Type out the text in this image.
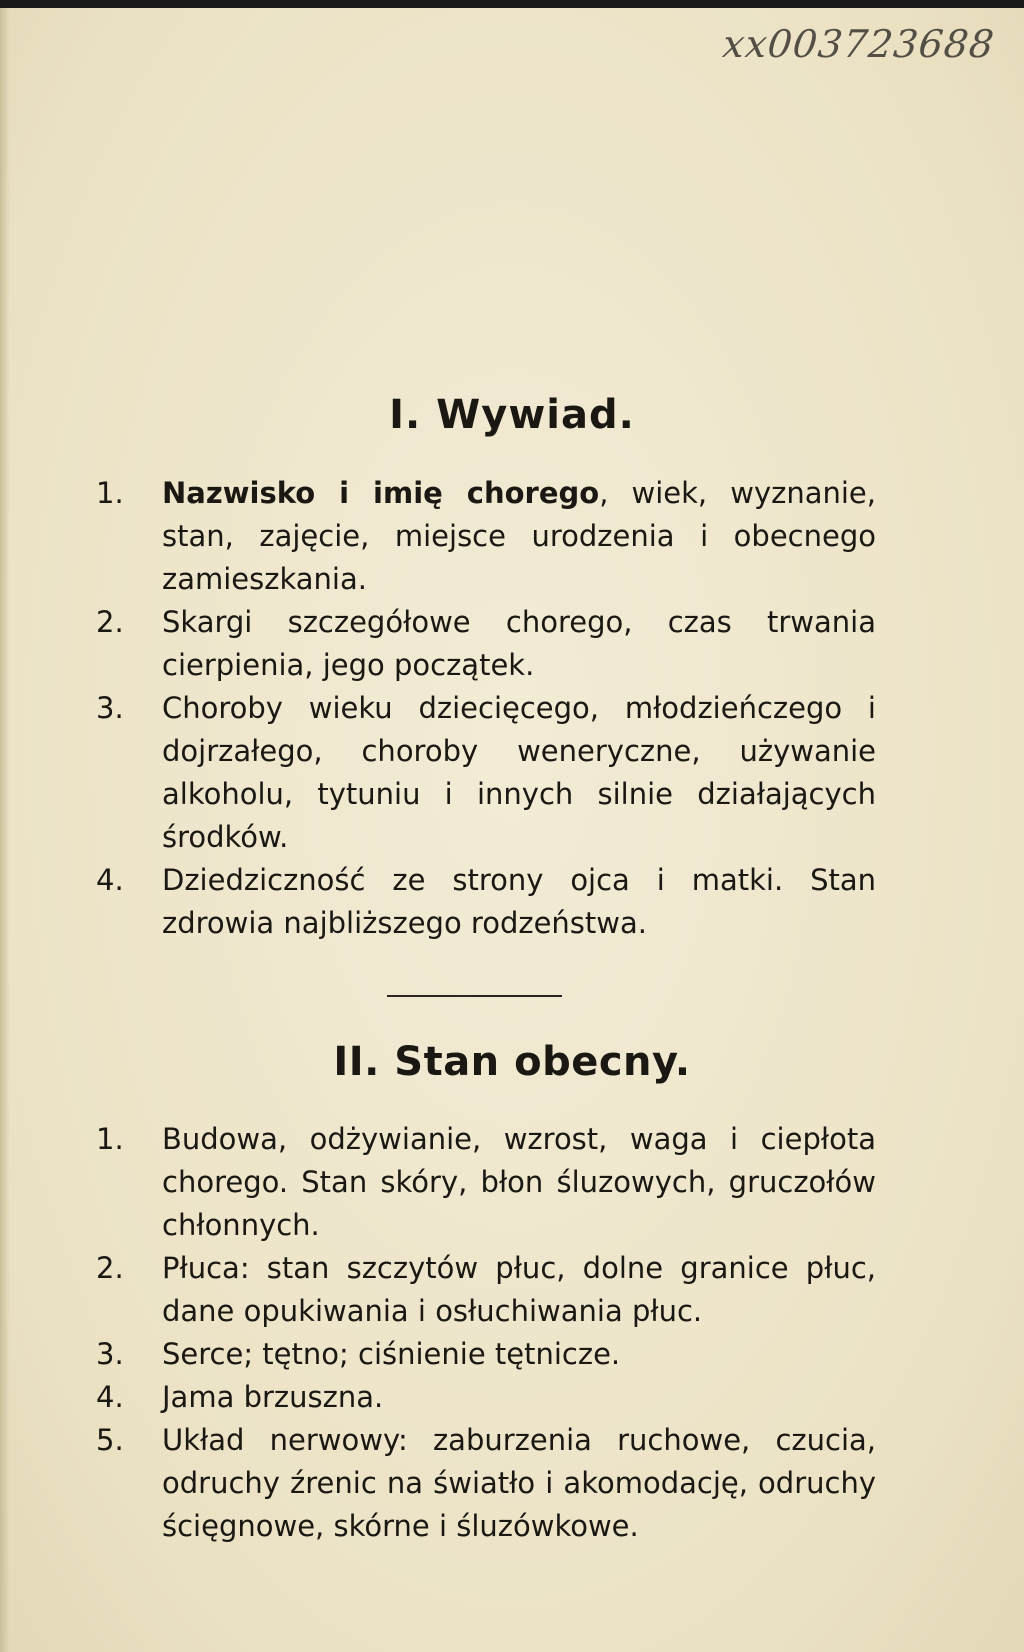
xx003723688
I. Wywiad.
1.	Nazwisko i imię chorego, wiek, wyznanie, stan, zajęcie, miejsce urodzenia i obecnego zamieszkania.
2.	Skargi szczegółowe chorego, czas trwania cierpienia, jego początek.
3.	Choroby wieku dziecięcego, młodzieńczego i dojrzałego, choroby weneryczne, używanie alkoholu, tytuniu i innych silnie działających środków.
4.	Dziedziczność ze strony ojca i matki. Stan zdrowia najbliższego rodzeństwa.
II. Stan obecny.
1.	Budowa, odżywianie, wzrost, waga i ciepłota chorego. Stan skóry, błon śluzowych, gruczołów chłonnych.
2.	Płuca: stan szczytów płuc, dolne granice płuc, dane opukiwania i osłuchiwania płuc.
3.	Serce; tętno; ciśnienie tętnicze.
4.	Jama brzuszna.
5.	Układ nerwowy: zaburzenia ruchowe, czucia, odruchy źrenic na światło i akomodację, odruchy ścięgnowe, skórne i śluzówkowe.
